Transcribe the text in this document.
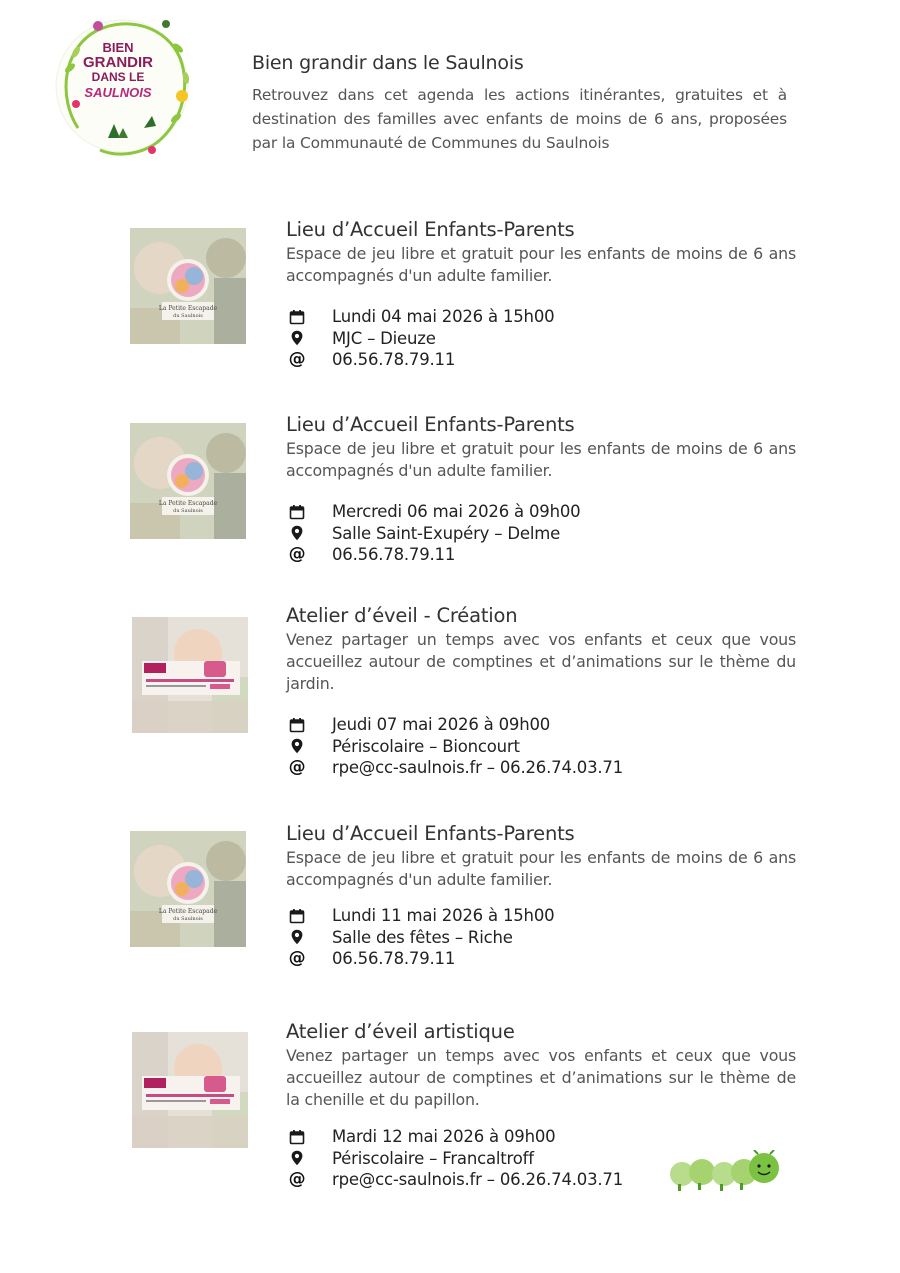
BIEN
GRANDIR
DANS LE
SAULNOIS
Bien grandir dans le Saulnois

Retrouvez dans cet agenda les actions itinérantes, gratuites et à destination des familles avec enfants de moins de 6 ans, proposées par la Communauté de Communes du Saulnois

Lieu d’Accueil Enfants-Parents

Espace de jeu libre et gratuit pour les enfants de moins de 6 ans accompagnés d'un adulte familier.

Lundi 04 mai 2026 à 15h00
MJC – Dieuze
@ 06.56.78.79.11
Lieu d’Accueil Enfants-Parents

Espace de jeu libre et gratuit pour les enfants de moins de 6 ans accompagnés d'un adulte familier.

Mercredi 06 mai 2026 à 09h00
Salle Saint-Exupéry – Delme
@ 06.56.78.79.11
Atelier d’éveil - Création

Venez partager un temps avec vos enfants et ceux que vous accueillez autour de comptines et d’animations sur le thème du jardin.

Jeudi 07 mai 2026 à 09h00
Périscolaire – Bioncourt
@ rpe@cc-saulnois.fr – 06.26.74.03.71
Lieu d’Accueil Enfants-Parents

Espace de jeu libre et gratuit pour les enfants de moins de 6 ans accompagnés d'un adulte familier.

Lundi 11 mai 2026 à 15h00
Salle des fêtes – Riche
@ 06.56.78.79.11
Atelier d’éveil artistique

Venez partager un temps avec vos enfants et ceux que vous accueillez autour de comptines et d’animations sur le thème de la chenille et du papillon.

Mardi 12 mai 2026 à 09h00
Périscolaire – Francaltroff
@ rpe@cc-saulnois.fr – 06.26.74.03.71
